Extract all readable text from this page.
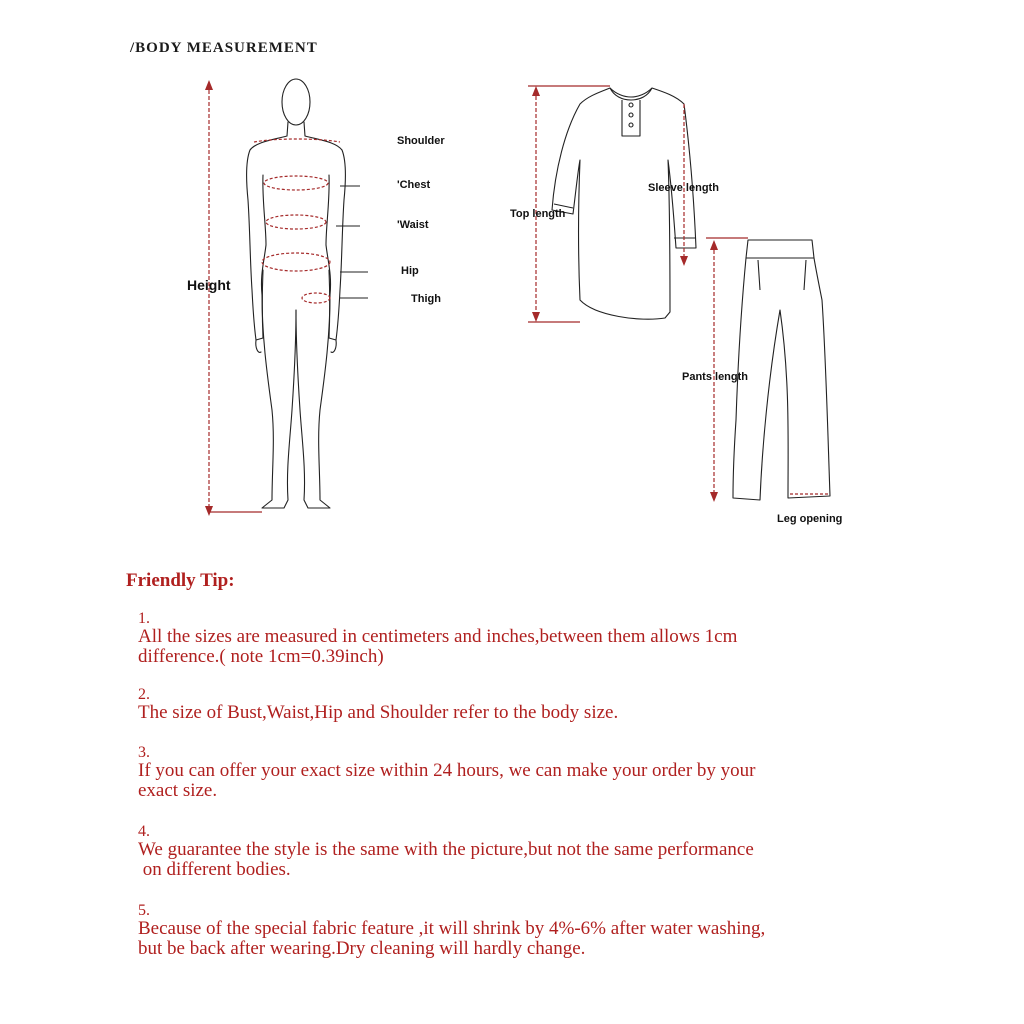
/BODY MEASUREMENT
Height
Shoulder
'Chest
'Waist
Hip
Thigh
Top length
Sleeve length
Pants length
Leg opening
Friendly Tip:
1.
All the sizes are measured in centimeters and inches,between them allows 1cm
difference.( note 1cm=0.39inch)
2.
The size of Bust,Waist,Hip and Shoulder refer to the body size.
3.
If you can offer your exact size within 24 hours, we can make your order by your
exact size.
4.
We guarantee the style is the same with the picture,but not the same performance
on different bodies.
5.
Because of the special fabric feature ,it will shrink by 4%-6% after water washing,
but be back after wearing.Dry cleaning will hardly change.
